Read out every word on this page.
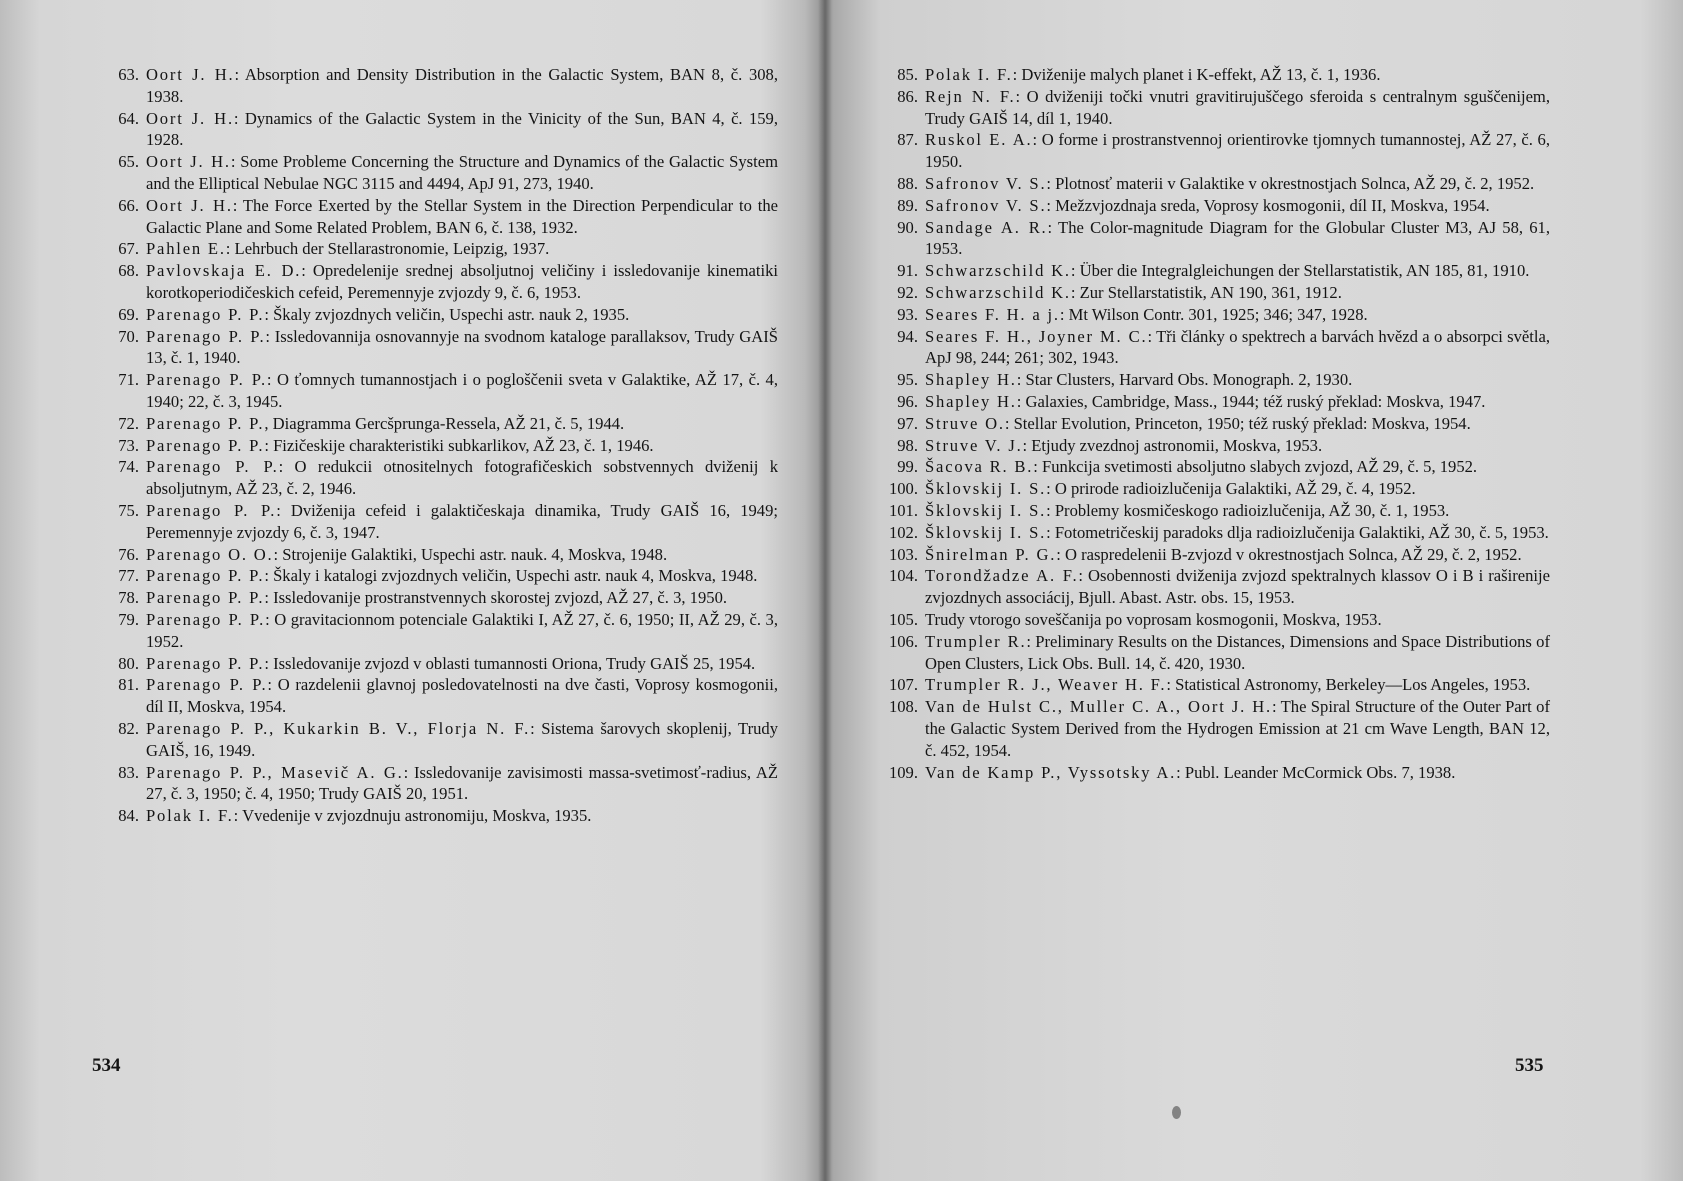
63. Oort J. H.: Absorption and Density Distribution in the Galactic System, BAN 8, č. 308, 1938.
64. Oort J. H.: Dynamics of the Galactic System in the Vinicity of the Sun, BAN 4, č. 159, 1928.
65. Oort J. H.: Some Probleme Concerning the Structure and Dynamics of the Galactic System and the Elliptical Nebulae NGC 3115 and 4494, ApJ 91, 273, 1940.
66. Oort J. H.: The Force Exerted by the Stellar System in the Direction Perpendicular to the Galactic Plane and Some Related Problem, BAN 6, č. 138, 1932.
67. Pahlen E.: Lehrbuch der Stellarastronomie, Leipzig, 1937.
68. Pavlovskaja E. D.: Opredelenije srednej absoljutnoj veličiny i issledovanije kinematiki korotkoperiodičeskich cefeid, Peremennyje zvjozdy 9, č. 6, 1953.
69. Parenago P. P.: Škaly zvjozdnych veličin, Uspechi astr. nauk 2, 1935.
70. Parenago P. P.: Issledovannija osnovannyje na svodnom kataloge parallaksov, Trudy GAIŠ 13, č. 1, 1940.
71. Parenago P. P.: O ťomnych tumannostjach i o pogloščenii sveta v Galaktike, AŽ 17, č. 4, 1940; 22, č. 3, 1945.
72. Parenago P. P., Diagramma Gercšprunga-Ressela, AŽ 21, č. 5, 1944.
73. Parenago P. P.: Fizičeskije charakteristiki subkarlikov, AŽ 23, č. 1, 1946.
74. Parenago P. P.: O redukcii otnositelnych fotografičeskich sobstvennych dviženij k absoljutnym, AŽ 23, č. 2, 1946.
75. Parenago P. P.: Dviženija cefeid i galaktičeskaja dinamika, Trudy GAIŠ 16, 1949; Peremennyje zvjozdy 6, č. 3, 1947.
76. Parenago O. O.: Strojenije Galaktiki, Uspechi astr. nauk. 4, Moskva, 1948.
77. Parenago P. P.: Škaly i katalogi zvjozdnych veličin, Uspechi astr. nauk 4, Moskva, 1948.
78. Parenago P. P.: Issledovanije prostranstvennych skorostej zvjozd, AŽ 27, č. 3, 1950.
79. Parenago P. P.: O gravitacionnom potenciale Galaktiki I, AŽ 27, č. 6, 1950; II, AŽ 29, č. 3, 1952.
80. Parenago P. P.: Issledovanije zvjozd v oblasti tumannosti Oriona, Trudy GAIŠ 25, 1954.
81. Parenago P. P.: O razdelenii glavnoj posledovatelnosti na dve časti, Voprosy kosmogonii, díl II, Moskva, 1954.
82. Parenago P. P., Kukarkin B. V., Florja N. F.: Sistema šarovych skoplenij, Trudy GAIŠ, 16, 1949.
83. Parenago P. P., Masevič A. G.: Issledovanije zavisimosti massa-svetimosť-radius, AŽ 27, č. 3, 1950; č. 4, 1950; Trudy GAIŠ 20, 1951.
84. Polak I. F.: Vvedenije v zvjozdnuju astronomiju, Moskva, 1935.
85. Polak I. F.: Dviženije malych planet i K-effekt, AŽ 13, č. 1, 1936.
86. Rejn N. F.: O dviženiji točki vnutri gravitirujuščego sferoida s centralnym sguščenijem, Trudy GAIŠ 14, díl 1, 1940.
87. Ruskol E. A.: O forme i prostranstvennoj orientirovke tjomnych tumannostej, AŽ 27, č. 6, 1950.
88. Safronov V. S.: Plotnosť materii v Galaktike v okrestnostjach Solnca, AŽ 29, č. 2, 1952.
89. Safronov V. S.: Mežzvjozdnaja sreda, Voprosy kosmogonii, díl II, Moskva, 1954.
90. Sandage A. R.: The Color-magnitude Diagram for the Globular Cluster M3, AJ 58, 61, 1953.
91. Schwarzschild K.: Über die Integralgleichungen der Stellarstatistik, AN 185, 81, 1910.
92. Schwarzschild K.: Zur Stellarstatistik, AN 190, 361, 1912.
93. Seares F. H. a j.: Mt Wilson Contr. 301, 1925; 346; 347, 1928.
94. Seares F. H., Joyner M. C.: Tři články o spektrech a barvách hvězd a o absorpci světla, ApJ 98, 244; 261; 302, 1943.
95. Shapley H.: Star Clusters, Harvard Obs. Monograph. 2, 1930.
96. Shapley H.: Galaxies, Cambridge, Mass., 1944; též ruský překlad: Moskva, 1947.
97. Struve O.: Stellar Evolution, Princeton, 1950; též ruský překlad: Moskva, 1954.
98. Struve V. J.: Etjudy zvezdnoj astronomii, Moskva, 1953.
99. Šacova R. B.: Funkcija svetimosti absoljutno slabych zvjozd, AŽ 29, č. 5, 1952.
100. Šklovskij I. S.: O prirode radioizlučenija Galaktiki, AŽ 29, č. 4, 1952.
101. Šklovskij I. S.: Problemy kosmičeskogo radioizlučenija, AŽ 30, č. 1, 1953.
102. Šklovskij I. S.: Fotometričeskij paradoks dlja radioizlučenija Galaktiki, AŽ 30, č. 5, 1953.
103. Šnirelman P. G.: O raspredelenii B-zvjozd v okrestnostjach Solnca, AŽ 29, č. 2, 1952.
104. Torondžadze A. F.: Osobennosti dviženija zvjozd spektralnych klassov O i B i raširenije zvjozdnych associácij, Bjull. Abast. Astr. obs. 15, 1953.
105. Trudy vtorogo soveščanija po voprosam kosmogonii, Moskva, 1953.
106. Trumpler R.: Preliminary Results on the Distances, Dimensions and Space Distributions of Open Clusters, Lick Obs. Bull. 14, č. 420, 1930.
107. Trumpler R. J., Weaver H. F.: Statistical Astronomy, Berkeley—Los Angeles, 1953.
108. Van de Hulst C., Muller C. A., Oort J. H.: The Spiral Structure of the Outer Part of the Galactic System Derived from the Hydrogen Emission at 21 cm Wave Length, BAN 12, č. 452, 1954.
109. Van de Kamp P., Vyssotsky A.: Publ. Leander McCormick Obs. 7, 1938.
534	535
